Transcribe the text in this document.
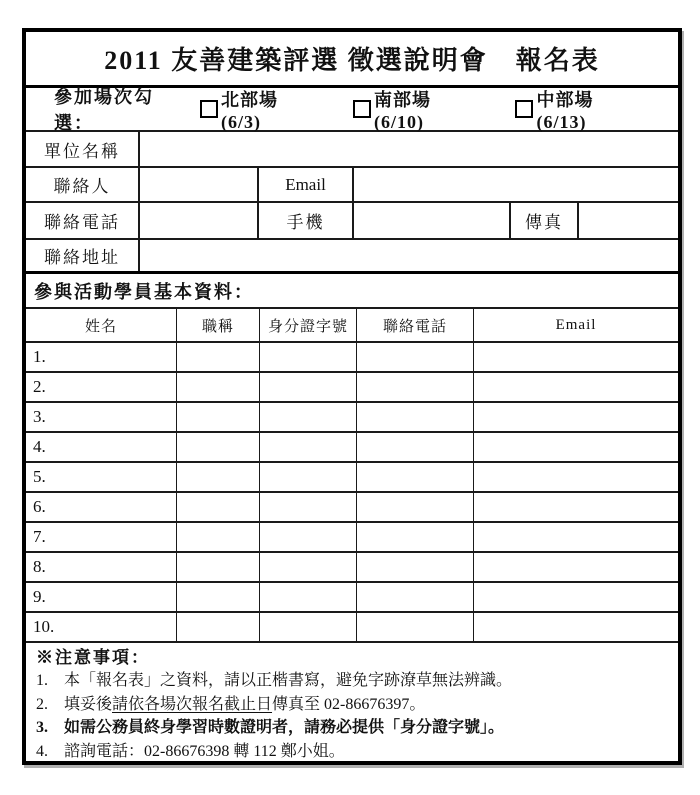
2011 友善建築評選 徵選說明會　報名表
參加場次勾選：
北部場(6/3)
南部場(6/10)
中部場(6/13)
單位名稱
聯絡人	Email
聯絡電話	手機	傳真
聯絡地址
參與活動學員基本資料：
姓名	職稱	身分證字號	聯絡電話	Email
1.
2.
3.
4.
5.
6.
7.
8.
9.
10.
※注意事項：
1.	本「報名表」之資料，請以正楷書寫，避免字跡潦草無法辨識。
2.	填妥後請依各場次報名截止日傳真至 02-86676397。
3.	如需公務員終身學習時數證明者，請務必提供「身分證字號」。
4.	諮詢電話：02-86676398 轉 112 鄭小姐。
